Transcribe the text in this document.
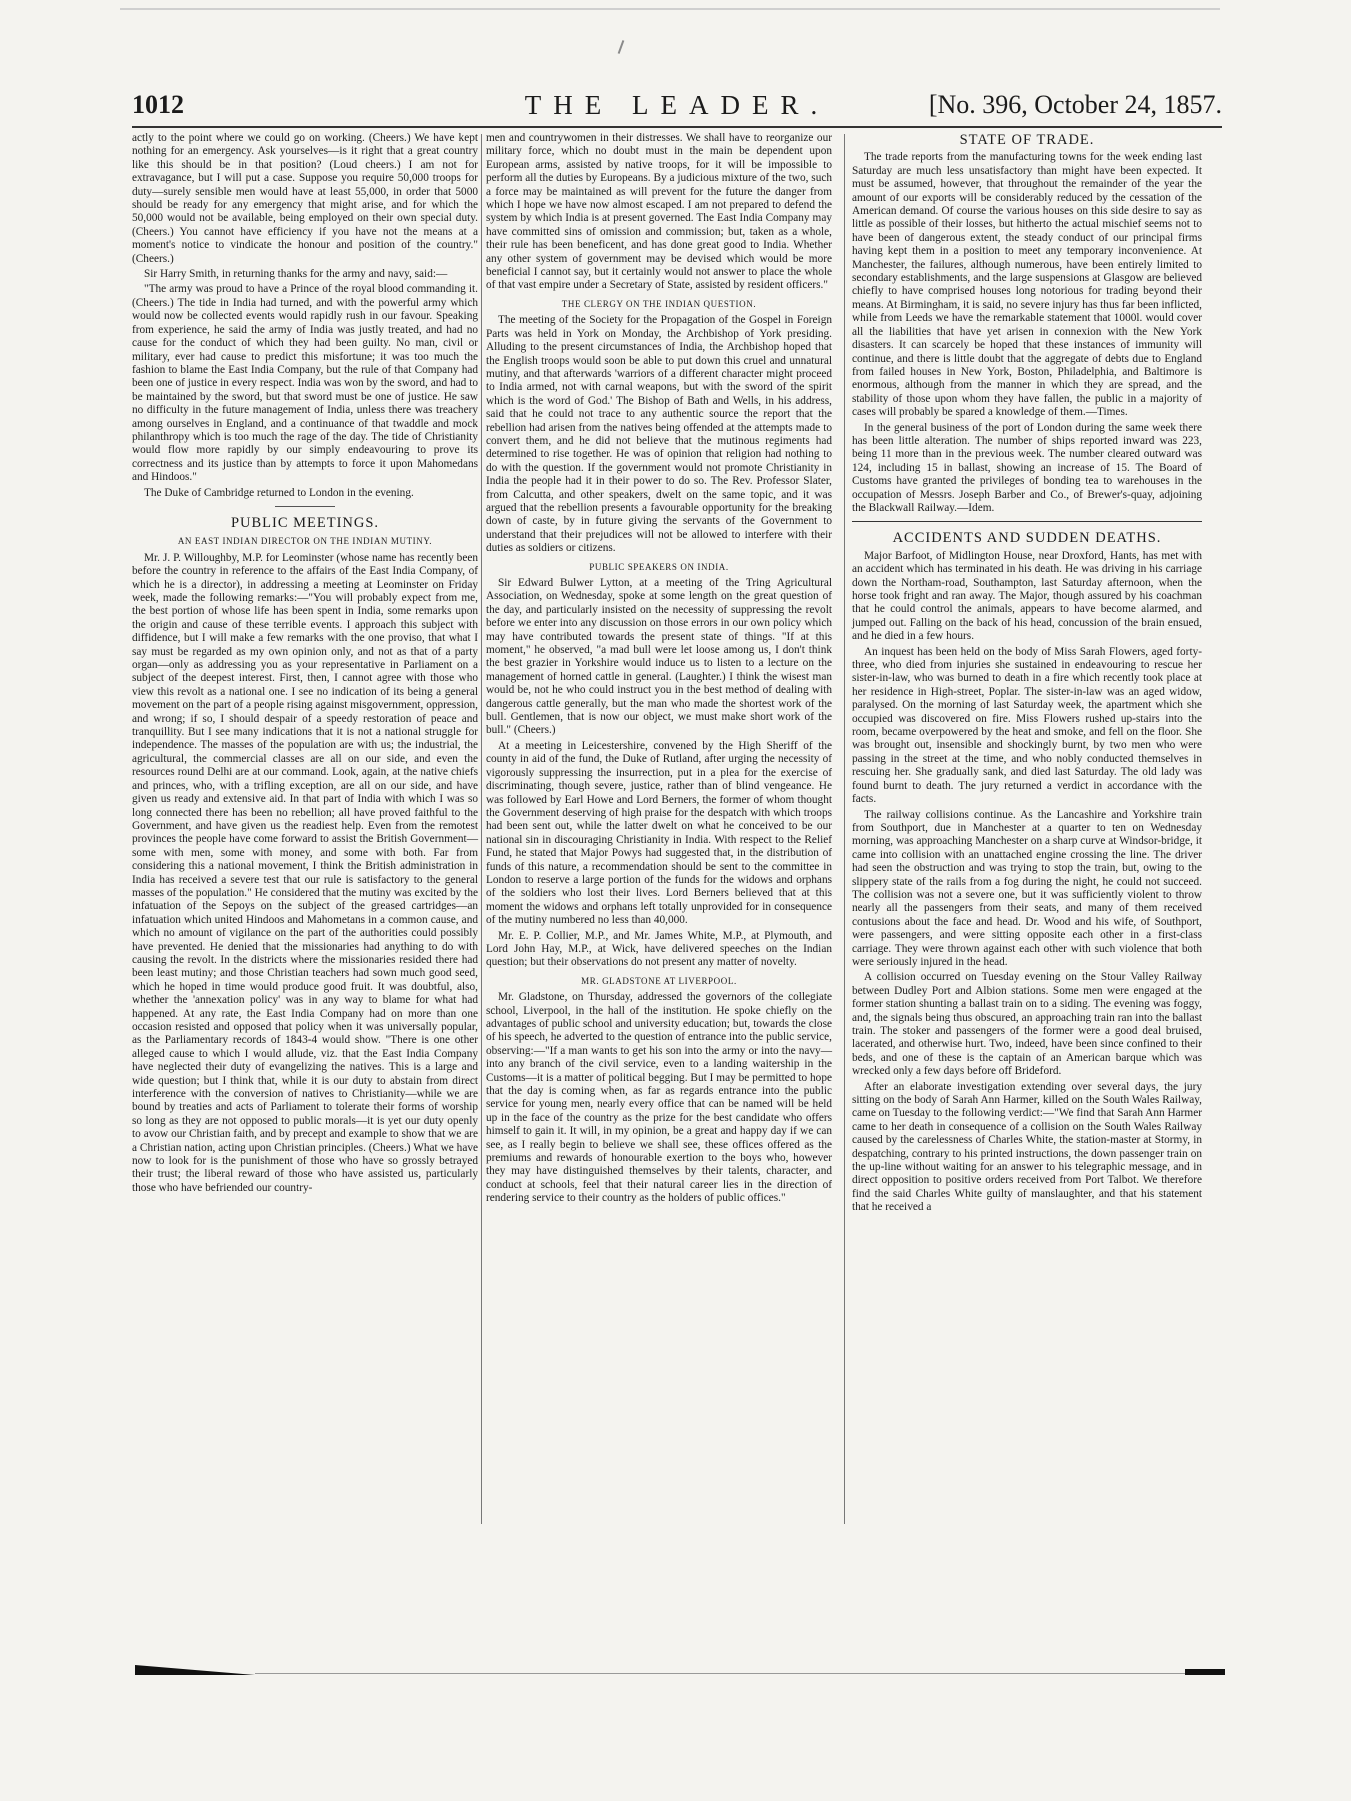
1012	THE LEADER.	[No. 396, October 24, 1857.

actly to the point where we could go on working. (Cheers.) We have kept nothing for an emergency. Ask yourselves—is it right that a great country like this should be in that position? (Loud cheers.) I am not for extravagance, but I will put a case. Suppose you require 50,000 troops for duty—surely sensible men would have at least 55,000, in order that 5000 should be ready for any emergency that might arise, and for which the 50,000 would not be available, being employed on their own special duty. (Cheers.) You cannot have efficiency if you have not the means at a moment's notice to vindicate the honour and position of the country." (Cheers.)

Sir Harry Smith, in returning thanks for the army and navy, said:—

"The army was proud to have a Prince of the royal blood commanding it. (Cheers.) The tide in India had turned, and with the powerful army which would now be collected events would rapidly rush in our favour. Speaking from experience, he said the army of India was justly treated, and had no cause for the conduct of which they had been guilty. No man, civil or military, ever had cause to predict this misfortune; it was too much the fashion to blame the East India Company, but the rule of that Company had been one of justice in every respect. India was won by the sword, and had to be maintained by the sword, but that sword must be one of justice. He saw no difficulty in the future management of India, unless there was treachery among ourselves in England, and a continuance of that twaddle and mock philanthropy which is too much the rage of the day. The tide of Christianity would flow more rapidly by our simply endeavouring to prove its correctness and its justice than by attempts to force it upon Mahomedans and Hindoos."

The Duke of Cambridge returned to London in the evening.

PUBLIC MEETINGS.
AN EAST INDIAN DIRECTOR ON THE INDIAN MUTINY.

Mr. J. P. Willoughby, M.P. for Leominster (whose name has recently been before the country in reference to the affairs of the East India Company, of which he is a director), in addressing a meeting at Leominster on Friday week, made the following remarks:—"You will probably expect from me, the best portion of whose life has been spent in India, some remarks upon the origin and cause of these terrible events. I approach this subject with diffidence, but I will make a few remarks with the one proviso, that what I say must be regarded as my own opinion only, and not as that of a party organ—only as addressing you as your representative in Parliament on a subject of the deepest interest. First, then, I cannot agree with those who view this revolt as a national one. I see no indication of its being a general movement on the part of a people rising against misgovernment, oppression, and wrong; if so, I should despair of a speedy restoration of peace and tranquillity. But I see many indications that it is not a national struggle for independence. The masses of the population are with us; the industrial, the agricultural, the commercial classes are all on our side, and even the resources round Delhi are at our command. Look, again, at the native chiefs and princes, who, with a trifling exception, are all on our side, and have given us ready and extensive aid. In that part of India with which I was so long connected there has been no rebellion; all have proved faithful to the Government, and have given us the readiest help. Even from the remotest provinces the people have come forward to assist the British Government—some with men, some with money, and some with both. Far from considering this a national movement, I think the British administration in India has received a severe test that our rule is satisfactory to the general masses of the population." He considered that the mutiny was excited by the infatuation of the Sepoys on the subject of the greased cartridges—an infatuation which united Hindoos and Mahometans in a common cause, and which no amount of vigilance on the part of the authorities could possibly have prevented. He denied that the missionaries had anything to do with causing the revolt. In the districts where the missionaries resided there had been least mutiny; and those Christian teachers had sown much good seed, which he hoped in time would produce good fruit. It was doubtful, also, whether the 'annexation policy' was in any way to blame for what had happened. At any rate, the East India Company had on more than one occasion resisted and opposed that policy when it was universally popular, as the Parliamentary records of 1843-4 would show. "There is one other alleged cause to which I would allude, viz. that the East India Company have neglected their duty of evangelizing the natives. This is a large and wide question; but I think that, while it is our duty to abstain from direct interference with the conversion of natives to Christianity—while we are bound by treaties and acts of Parliament to tolerate their forms of worship so long as they are not opposed to public morals—it is yet our duty openly to avow our Christian faith, and by precept and example to show that we are a Christian nation, acting upon Christian principles. (Cheers.) What we have now to look for is the punishment of those who have so grossly betrayed their trust; the liberal reward of those who have assisted us, particularly those who have befriended our country-

men and countrywomen in their distresses. We shall have to reorganize our military force, which no doubt must in the main be dependent upon European arms, assisted by native troops, for it will be impossible to perform all the duties by Europeans. By a judicious mixture of the two, such a force may be maintained as will prevent for the future the danger from which I hope we have now almost escaped. I am not prepared to defend the system by which India is at present governed. The East India Company may have committed sins of omission and commission; but, taken as a whole, their rule has been beneficent, and has done great good to India. Whether any other system of government may be devised which would be more beneficial I cannot say, but it certainly would not answer to place the whole of that vast empire under a Secretary of State, assisted by resident officers."

THE CLERGY ON THE INDIAN QUESTION.

The meeting of the Society for the Propagation of the Gospel in Foreign Parts was held in York on Monday, the Archbishop of York presiding. Alluding to the present circumstances of India, the Archbishop hoped that the English troops would soon be able to put down this cruel and unnatural mutiny, and that afterwards 'warriors of a different character might proceed to India armed, not with carnal weapons, but with the sword of the spirit which is the word of God.' The Bishop of Bath and Wells, in his address, said that he could not trace to any authentic source the report that the rebellion had arisen from the natives being offended at the attempts made to convert them, and he did not believe that the mutinous regiments had determined to rise together. He was of opinion that religion had nothing to do with the question. If the government would not promote Christianity in India the people had it in their power to do so. The Rev. Professor Slater, from Calcutta, and other speakers, dwelt on the same topic, and it was argued that the rebellion presents a favourable opportunity for the breaking down of caste, by in future giving the servants of the Government to understand that their prejudices will not be allowed to interfere with their duties as soldiers or citizens.

PUBLIC SPEAKERS ON INDIA.

Sir Edward Bulwer Lytton, at a meeting of the Tring Agricultural Association, on Wednesday, spoke at some length on the great question of the day, and particularly insisted on the necessity of suppressing the revolt before we enter into any discussion on those errors in our own policy which may have contributed towards the present state of things. "If at this moment," he observed, "a mad bull were let loose among us, I don't think the best grazier in Yorkshire would induce us to listen to a lecture on the management of horned cattle in general. (Laughter.) I think the wisest man would be, not he who could instruct you in the best method of dealing with dangerous cattle generally, but the man who made the shortest work of the bull. Gentlemen, that is now our object, we must make short work of the bull." (Cheers.)

At a meeting in Leicestershire, convened by the High Sheriff of the county in aid of the fund, the Duke of Rutland, after urging the necessity of vigorously suppressing the insurrection, put in a plea for the exercise of discriminating, though severe, justice, rather than of blind vengeance. He was followed by Earl Howe and Lord Berners, the former of whom thought the Government deserving of high praise for the despatch with which troops had been sent out, while the latter dwelt on what he conceived to be our national sin in discouraging Christianity in India. With respect to the Relief Fund, he stated that Major Powys had suggested that, in the distribution of funds of this nature, a recommendation should be sent to the committee in London to reserve a large portion of the funds for the widows and orphans of the soldiers who lost their lives. Lord Berners believed that at this moment the widows and orphans left totally unprovided for in consequence of the mutiny numbered no less than 40,000.

Mr. E. P. Collier, M.P., and Mr. James White, M.P., at Plymouth, and Lord John Hay, M.P., at Wick, have delivered speeches on the Indian question; but their observations do not present any matter of novelty.

MR. GLADSTONE AT LIVERPOOL.

Mr. Gladstone, on Thursday, addressed the governors of the collegiate school, Liverpool, in the hall of the institution. He spoke chiefly on the advantages of public school and university education; but, towards the close of his speech, he adverted to the question of entrance into the public service, observing:—"If a man wants to get his son into the army or into the navy—into any branch of the civil service, even to a landing waitership in the Customs—it is a matter of political begging. But I may be permitted to hope that the day is coming when, as far as regards entrance into the public service for young men, nearly every office that can be named will be held up in the face of the country as the prize for the best candidate who offers himself to gain it. It will, in my opinion, be a great and happy day if we can see, as I really begin to believe we shall see, these offices offered as the premiums and rewards of honourable exertion to the boys who, however they may have distinguished themselves by their talents, character, and conduct at schools, feel that their natural career lies in the direction of rendering service to their country as the holders of public offices."

STATE OF TRADE.

The trade reports from the manufacturing towns for the week ending last Saturday are much less unsatisfactory than might have been expected. It must be assumed, however, that throughout the remainder of the year the amount of our exports will be considerably reduced by the cessation of the American demand. Of course the various houses on this side desire to say as little as possible of their losses, but hitherto the actual mischief seems not to have been of dangerous extent, the steady conduct of our principal firms having kept them in a position to meet any temporary inconvenience. At Manchester, the failures, although numerous, have been entirely limited to secondary establishments, and the large suspensions at Glasgow are believed chiefly to have comprised houses long notorious for trading beyond their means. At Birmingham, it is said, no severe injury has thus far been inflicted, while from Leeds we have the remarkable statement that 1000l. would cover all the liabilities that have yet arisen in connexion with the New York disasters. It can scarcely be hoped that these instances of immunity will continue, and there is little doubt that the aggregate of debts due to England from failed houses in New York, Boston, Philadelphia, and Baltimore is enormous, although from the manner in which they are spread, and the stability of those upon whom they have fallen, the public in a majority of cases will probably be spared a knowledge of them.—Times.

In the general business of the port of London during the same week there has been little alteration. The number of ships reported inward was 223, being 11 more than in the previous week. The number cleared outward was 124, including 15 in ballast, showing an increase of 15. The Board of Customs have granted the privileges of bonding tea to warehouses in the occupation of Messrs. Joseph Barber and Co., of Brewer's-quay, adjoining the Blackwall Railway.—Idem.

ACCIDENTS AND SUDDEN DEATHS.

Major Barfoot, of Midlington House, near Droxford, Hants, has met with an accident which has terminated in his death. He was driving in his carriage down the Northam-road, Southampton, last Saturday afternoon, when the horse took fright and ran away. The Major, though assured by his coachman that he could control the animals, appears to have become alarmed, and jumped out. Falling on the back of his head, concussion of the brain ensued, and he died in a few hours.

An inquest has been held on the body of Miss Sarah Flowers, aged forty-three, who died from injuries she sustained in endeavouring to rescue her sister-in-law, who was burned to death in a fire which recently took place at her residence in High-street, Poplar. The sister-in-law was an aged widow, paralysed. On the morning of last Saturday week, the apartment which she occupied was discovered on fire. Miss Flowers rushed up-stairs into the room, became overpowered by the heat and smoke, and fell on the floor. She was brought out, insensible and shockingly burnt, by two men who were passing in the street at the time, and who nobly conducted themselves in rescuing her. She gradually sank, and died last Saturday. The old lady was found burnt to death. The jury returned a verdict in accordance with the facts.

The railway collisions continue. As the Lancashire and Yorkshire train from Southport, due in Manchester at a quarter to ten on Wednesday morning, was approaching Manchester on a sharp curve at Windsor-bridge, it came into collision with an unattached engine crossing the line. The driver had seen the obstruction and was trying to stop the train, but, owing to the slippery state of the rails from a fog during the night, he could not succeed. The collision was not a severe one, but it was sufficiently violent to throw nearly all the passengers from their seats, and many of them received contusions about the face and head. Dr. Wood and his wife, of Southport, were passengers, and were sitting opposite each other in a first-class carriage. They were thrown against each other with such violence that both were seriously injured in the head.

A collision occurred on Tuesday evening on the Stour Valley Railway between Dudley Port and Albion stations. Some men were engaged at the former station shunting a ballast train on to a siding. The evening was foggy, and, the signals being thus obscured, an approaching train ran into the ballast train. The stoker and passengers of the former were a good deal bruised, lacerated, and otherwise hurt. Two, indeed, have been since confined to their beds, and one of these is the captain of an American barque which was wrecked only a few days before off Brideford.

After an elaborate investigation extending over several days, the jury sitting on the body of Sarah Ann Harmer, killed on the South Wales Railway, came on Tuesday to the following verdict:—"We find that Sarah Ann Harmer came to her death in consequence of a collision on the South Wales Railway caused by the carelessness of Charles White, the station-master at Stormy, in despatching, contrary to his printed instructions, the down passenger train on the up-line without waiting for an answer to his telegraphic message, and in direct opposition to positive orders received from Port Talbot. We therefore find the said Charles White guilty of manslaughter, and that his statement that he received a
